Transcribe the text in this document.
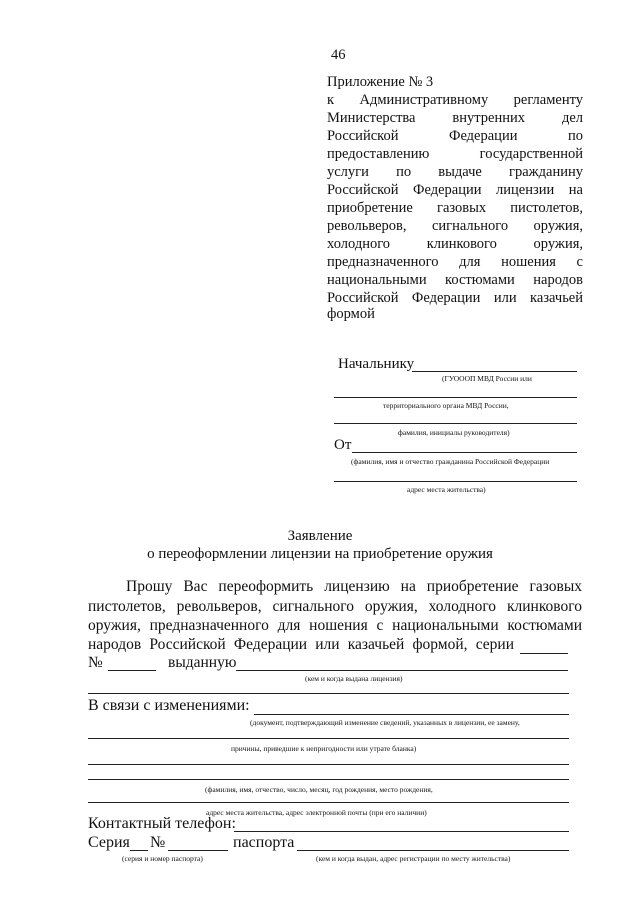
46
Приложение № 3
к Административному регламенту
Министерства внутренних дел
Российской Федерации по
предоставлению государственной
услуги по выдаче гражданину
Российской Федерации лицензии на
приобретение газовых пистолетов,
револьверов, сигнального оружия,
холодного клинкового оружия,
предназначенного для ношения с
национальными костюмами народов
Российской Федерации или казачьей
формой
Начальнику
(ГУОООП МВД России или
территориального органа МВД России,
фамилия, инициалы руководителя)
От
(фамилия, имя и отчество гражданина Российской Федерации
адрес места жительства)
Заявление
о переоформлении лицензии на приобретение оружия
Прошу Вас переоформить лицензию на приобретение газовых
пистолетов, револьверов, сигнального оружия, холодного клинкового
оружия, предназначенного для ношения с национальными костюмами
народов Российской Федерации или казачьей формой, серии
№	выданную
(кем и когда выдана лицензия)
В связи с изменениями:
(документ, подтверждающий изменение сведений, указанных в лицензии, ее замену,
причины, приведшие к непригодности или утрате бланка)
(фамилия, имя, отчество, число, месяц, год рождения, место рождения,
адрес места жительства, адрес электронной почты (при его наличии)
Контактный телефон:
Серия №	паспорта
(серия и номер паспорта)	(кем и когда выдан, адрес регистрации по месту жительства)
